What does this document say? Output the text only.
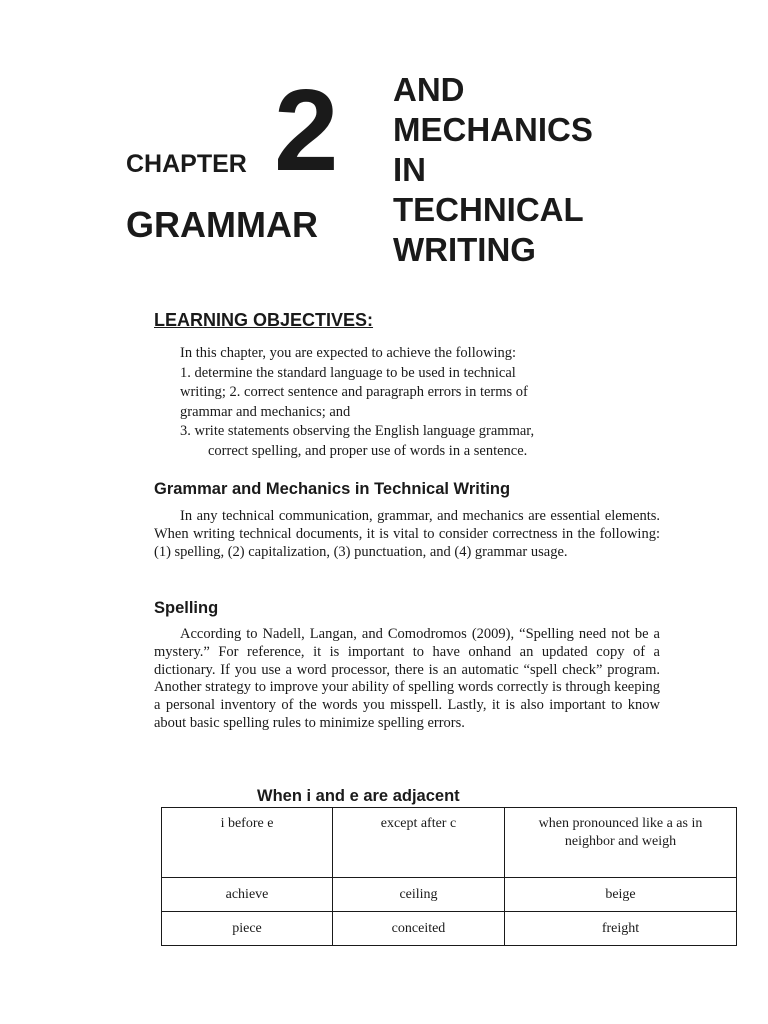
CHAPTER 2
GRAMMAR
AND
MECHANICS
IN
TECHNICAL
WRITING
LEARNING OBJECTIVES:

In this chapter, you are expected to achieve the following:

1. determine the standard language to be used in technical

writing; 2. correct sentence and paragraph errors in terms of

grammar and mechanics; and

3. write statements observing the English language grammar,

correct spelling, and proper use of words in a sentence.

Grammar and Mechanics in Technical Writing

In any technical communication, grammar, and mechanics are essential elements. When writing technical documents, it is vital to consider correctness in the following: (1) spelling, (2) capitalization, (3) punctuation, and (4) grammar usage.

Spelling

According to Nadell, Langan, and Comodromos (2009), “Spelling need not be a mystery.” For reference, it is important to have onhand an updated copy of a dictionary. If you use a word processor, there is an automatic “spell check” program. Another strategy to improve your ability of spelling words correctly is through keeping a personal inventory of the words you misspell. Lastly, it is also important to know about basic spelling rules to minimize spelling errors.

When i and e are adjacent
i before e	except after c	when pronounced like a as in neighbor and weigh
achieve	ceiling	beige
piece	conceited	freight
